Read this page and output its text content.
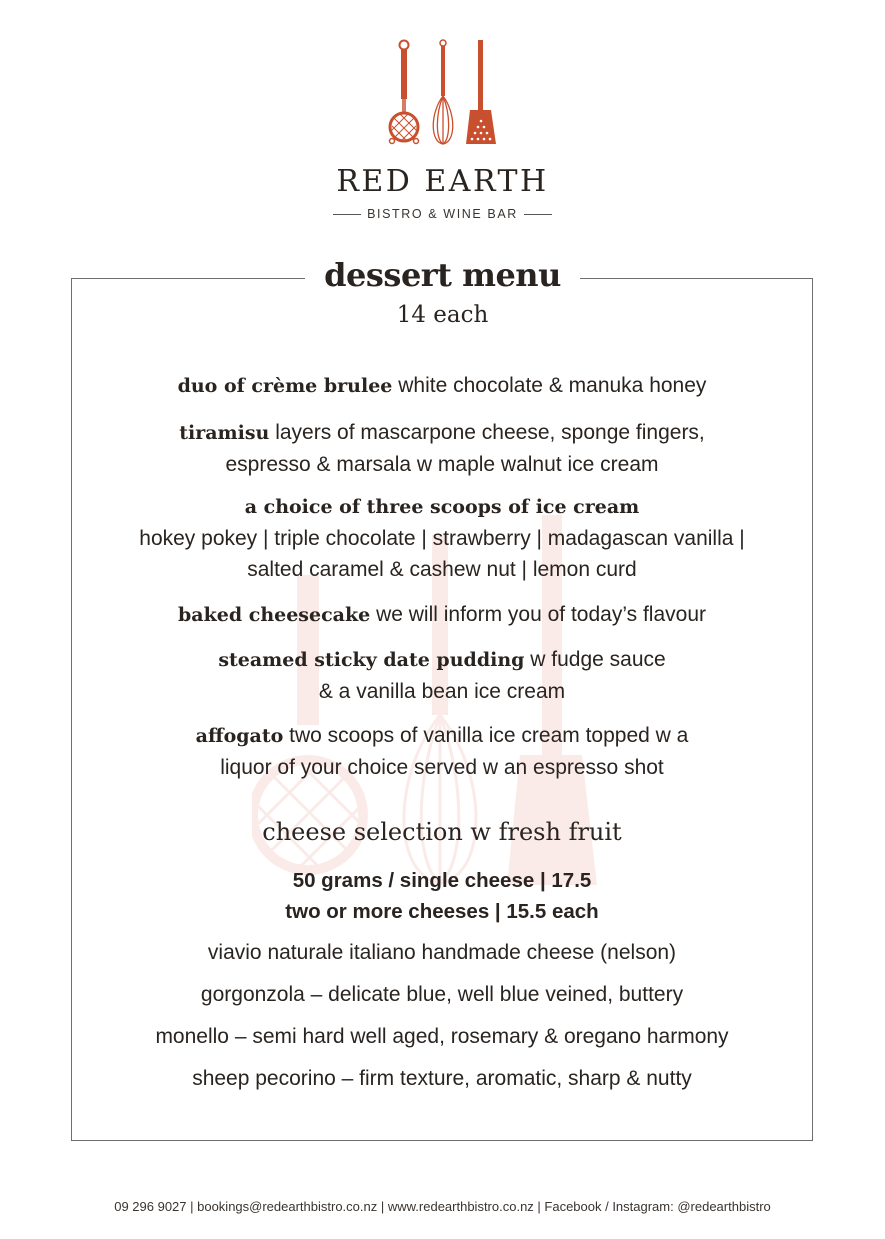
RED EARTH
BISTRO & WINE BAR
dessert menu
14 each
duo of crème brulee white chocolate & manuka honey
tiramisu layers of mascarpone cheese, sponge fingers,
espresso & marsala w maple walnut ice cream
a choice of three scoops of ice cream
hokey pokey | triple chocolate | strawberry | madagascan vanilla |
salted caramel & cashew nut | lemon curd
baked cheesecake we will inform you of today’s flavour
steamed sticky date pudding w fudge sauce
& a vanilla bean ice cream
affogato two scoops of vanilla ice cream topped w a
liquor of your choice served w an espresso shot
cheese selection w fresh fruit
50 grams / single cheese | 17.5
two or more cheeses | 15.5 each
viavio naturale italiano handmade cheese (nelson)
gorgonzola – delicate blue, well blue veined, buttery
monello – semi hard well aged, rosemary & oregano harmony
sheep pecorino – firm texture, aromatic, sharp & nutty
09 296 9027 | bookings@redearthbistro.co.nz | www.redearthbistro.co.nz | Facebook / Instagram: @redearthbistro
